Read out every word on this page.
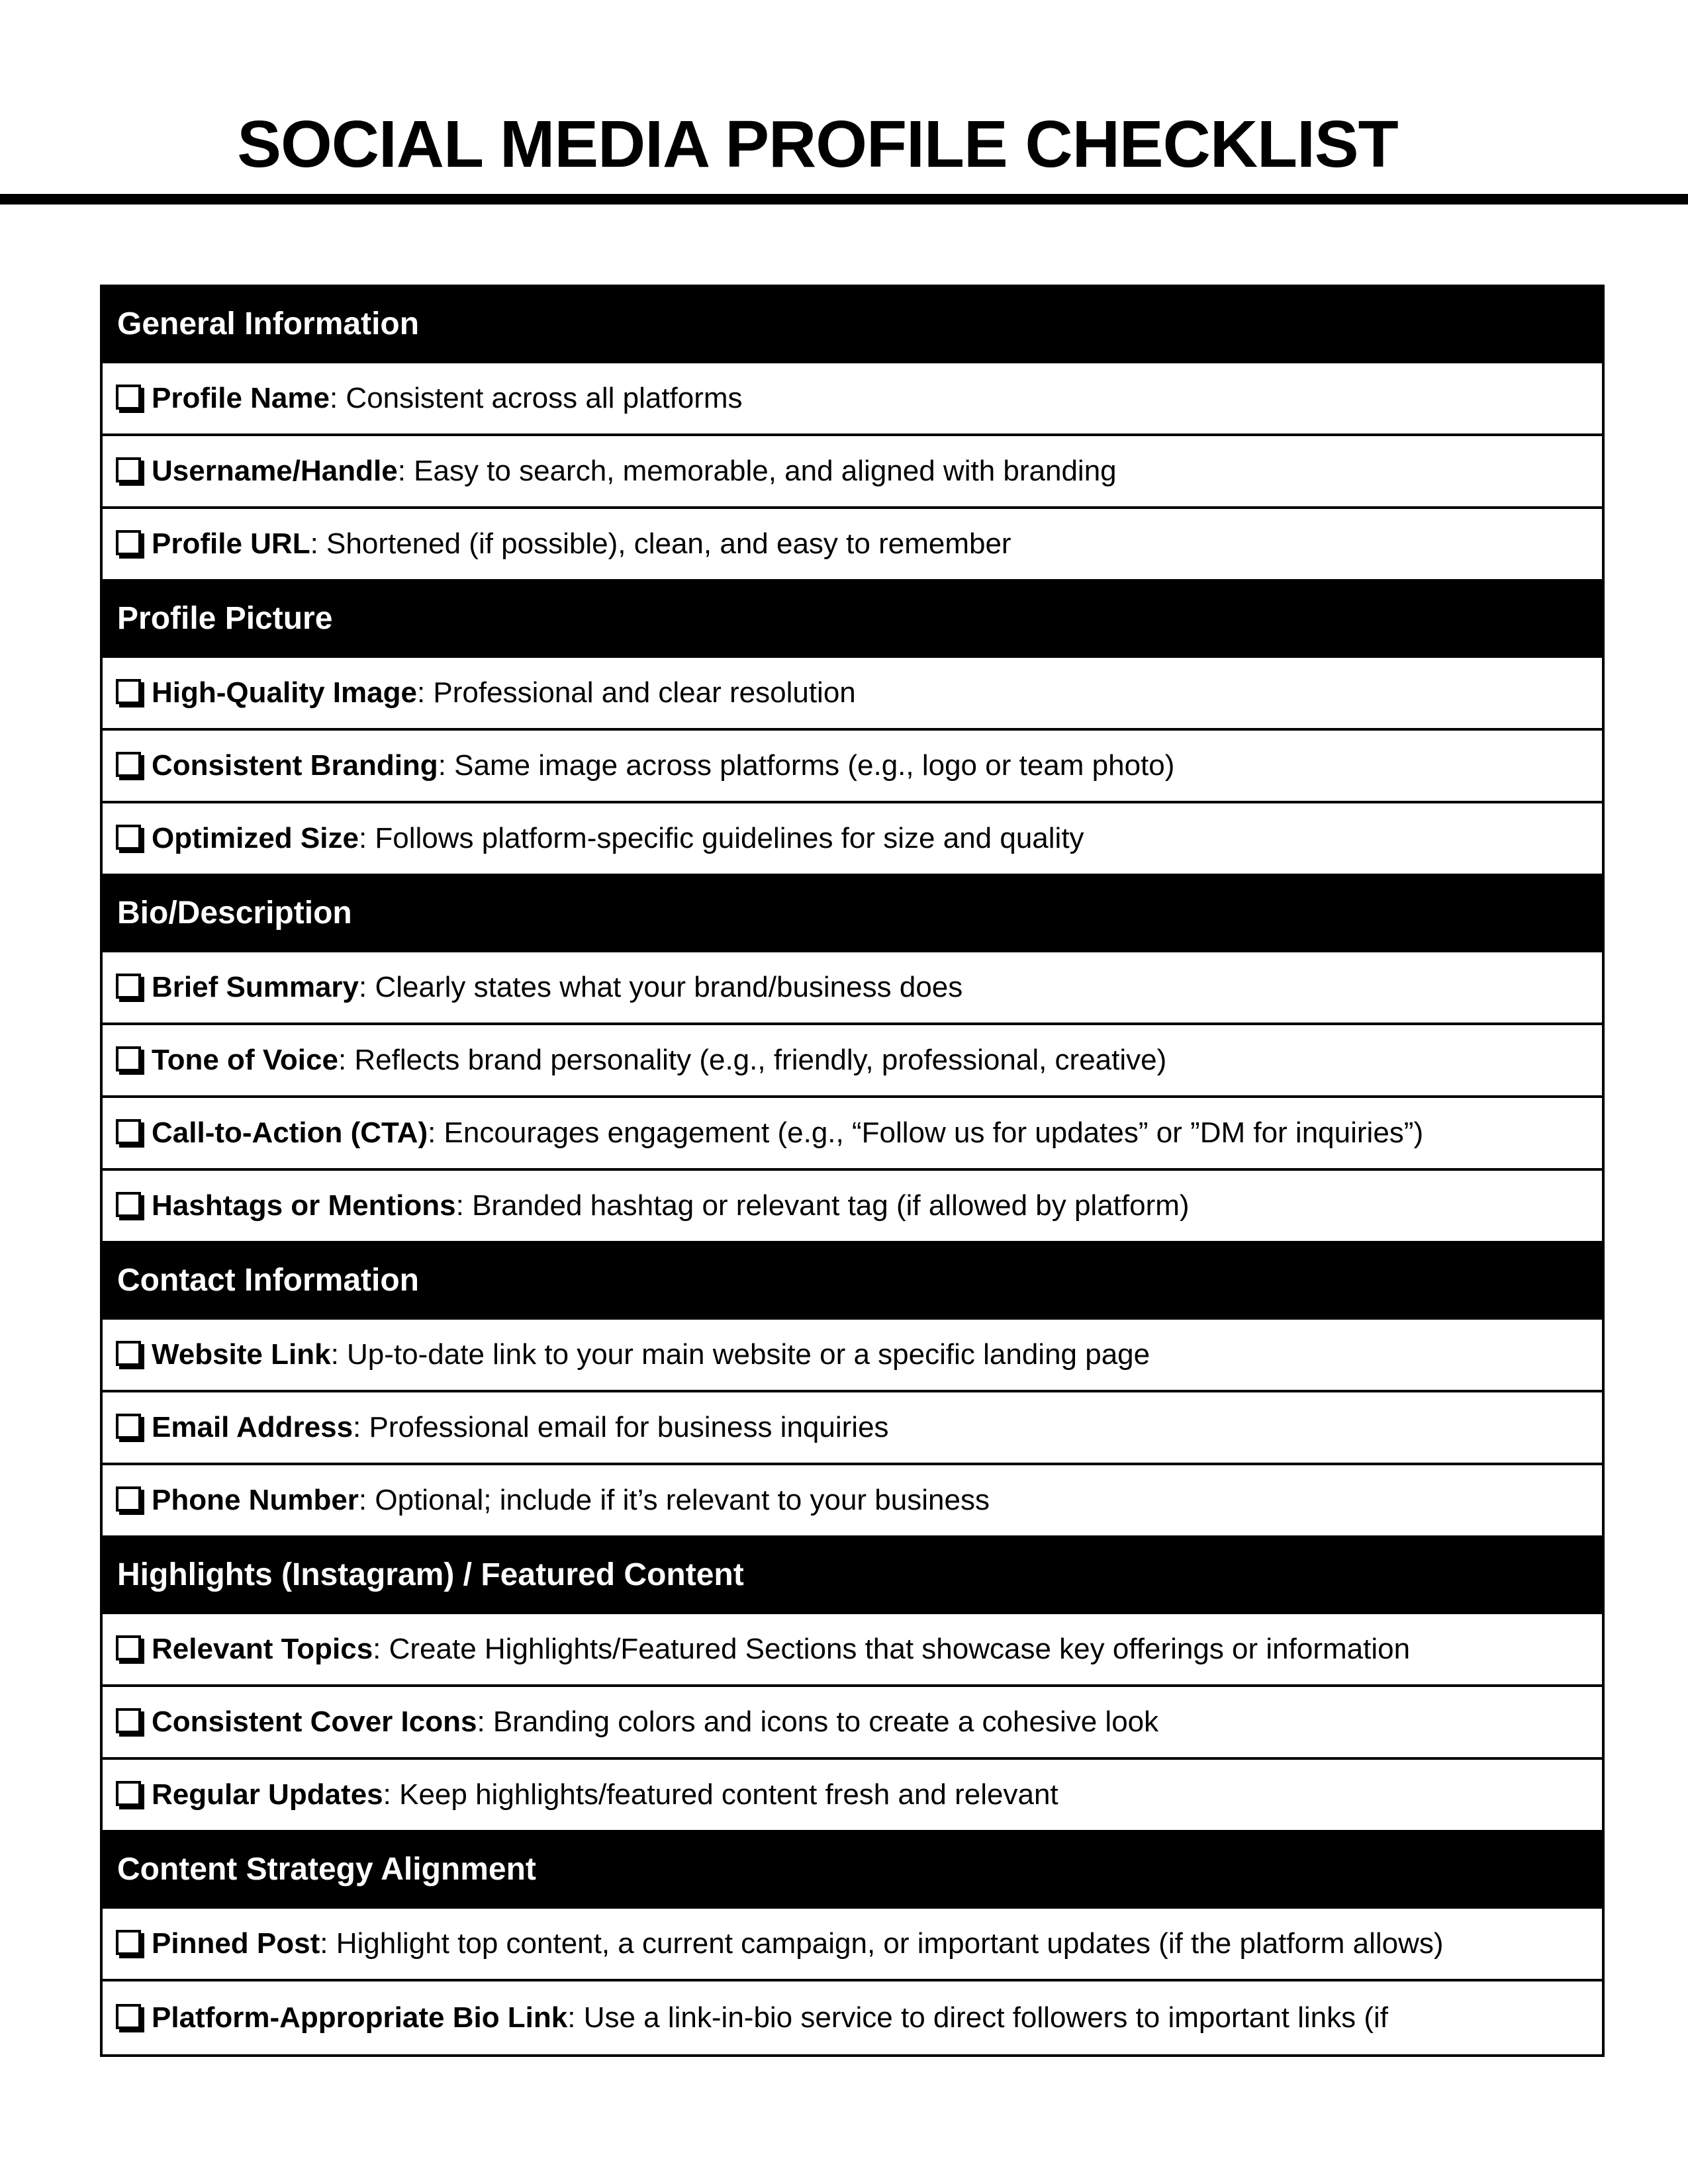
SOCIAL MEDIA PROFILE CHECKLIST
General Information
Profile Name : Consistent across all platforms
Username/Handle : Easy to search, memorable, and aligned with branding
Profile URL : Shortened (if possible), clean, and easy to remember
Profile Picture
High-Quality Image : Professional and clear resolution
Consistent Branding : Same image across platforms (e.g., logo or team photo)
Optimized Size : Follows platform-specific guidelines for size and quality
Bio/Description
Brief Summary : Clearly states what your brand/business does
Tone of Voice : Reflects brand personality (e.g., friendly, professional, creative)
Call-to-Action (CTA) : Encourages engagement (e.g., “Follow us for updates” or ”DM for inquiries”)
Hashtags or Mentions : Branded hashtag or relevant tag (if allowed by platform)
Contact Information
Website Link : Up-to-date link to your main website or a specific landing page
Email Address : Professional email for business inquiries
Phone Number : Optional; include if it’s relevant to your business
Highlights (Instagram) / Featured Content
Relevant Topics : Create Highlights/Featured Sections that showcase key offerings or information
Consistent Cover Icons : Branding colors and icons to create a cohesive look
Regular Updates : Keep highlights/featured content fresh and relevant
Content Strategy Alignment
Pinned Post : Highlight top content, a current campaign, or important updates (if the platform allows)
Platform-Appropriate Bio Link : Use a link-in-bio service to direct followers to important links (if
